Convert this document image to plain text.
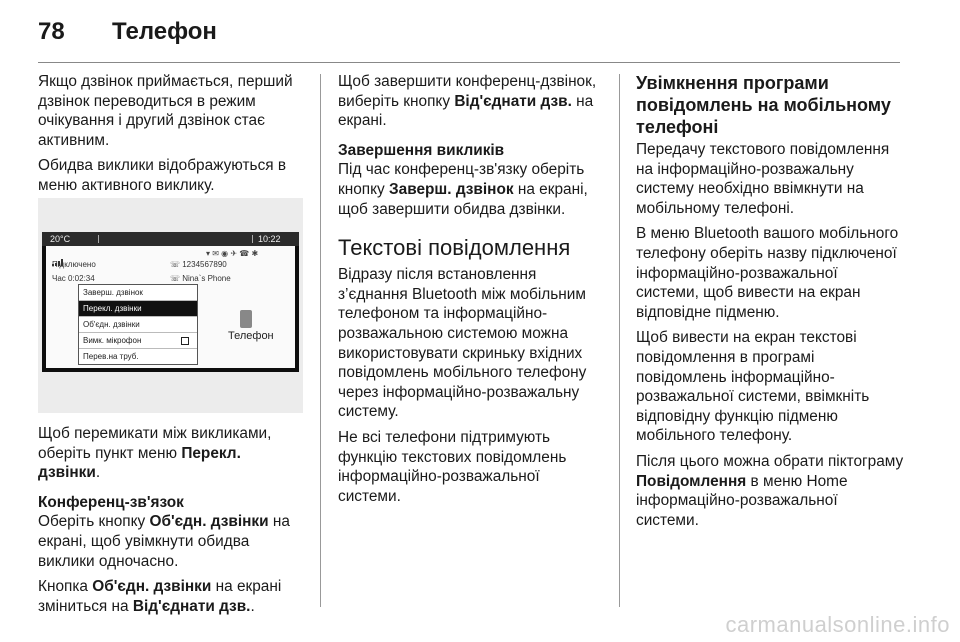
78 Телефон

Якщо дзвінок приймається, перший дзвінок переводиться в режим очікування і другий дзвінок стає активним.

Обидва виклики відображуються в меню активного виклику.

20°C	10:22
▾ ✉ ◉ ✈ ☎ ✱
Підключено
Час 0:02:34
☏ 1234567890
☏ Nina`s Phone
Заверш. дзвінок
Перекл. дзвінки
Об'єдн. дзвінки
Вимк. мікрофон
Перев.на труб.
Телефон

Щоб перемикати між викликами, оберіть пункт меню Перекл. дзвінки.

Конференц-зв'язок

Оберіть кнопку Об'єдн. дзвінки на екрані, щоб увімкнути обидва виклики одночасно.

Кнопка Об'єдн. дзвінки на екрані зміниться на Від'єднати дзв..

Щоб завершити конференц-дзвінок, виберіть кнопку Від'єднати дзв. на екрані.

Завершення викликів

Під час конференц-зв'язку оберіть кнопку Заверш. дзвінок на екрані, щоб завершити обидва дзвінки.

Текстові повідомлення

Відразу після встановлення з’єднання Bluetooth між мобільним телефоном та інформаційно-розважальною системою можна використовувати скриньку вхідних повідомлень мобільного телефону через інформаційно-розважальну систему.

Не всі телефони підтримують функцію текстових повідомлень інформаційно-розважальної системи.

Увімкнення програми повідомлень на мобільному телефоні

Передачу текстового повідомлення на інформаційно-розважальну систему необхідно ввімкнути на мобільному телефоні.

В меню Bluetooth вашого мобільного телефону оберіть назву підключеної інформаційно-розважальної системи, щоб вивести на екран відповідне підменю.

Щоб вивести на екран текстові повідомлення в програмі повідомлень інформаційно-розважальної системи, ввімкніть відповідну функцію підменю мобільного телефону.

Після цього можна обрати піктограму Повідомлення в меню Home інформаційно-розважальної системи.

carmanualsonline.info
